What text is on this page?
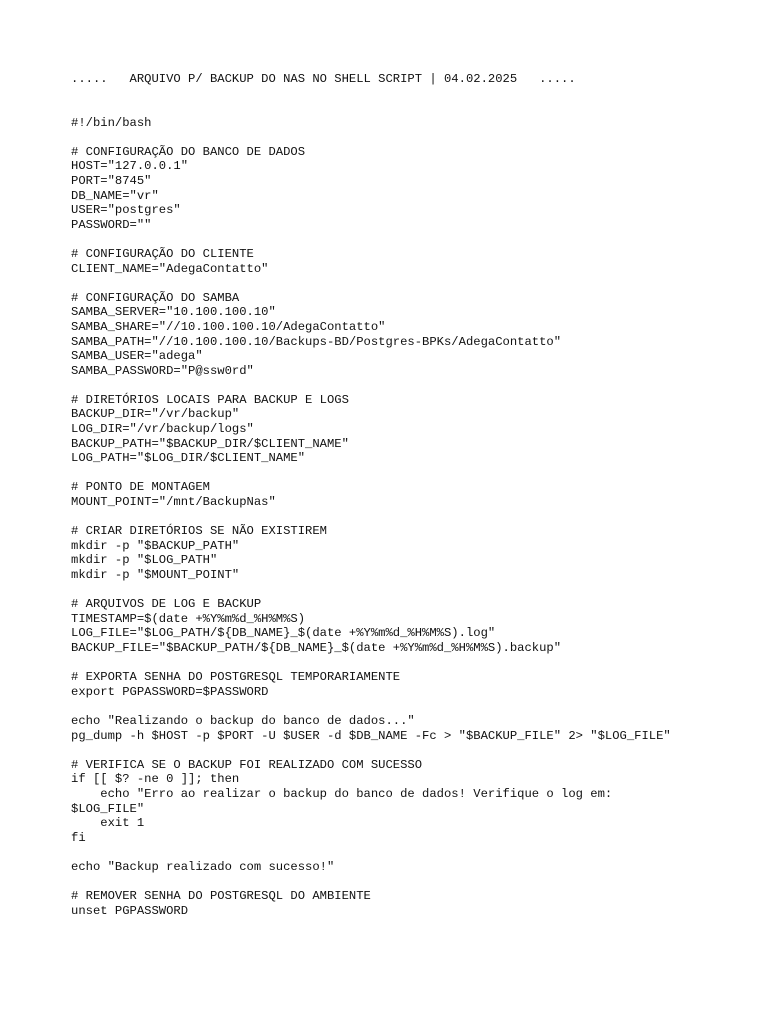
.....   ARQUIVO P/ BACKUP DO NAS NO SHELL SCRIPT | 04.02.2025   .....
#!/bin/bash
# CONFIGURAÇÃO DO BANCO DE DADOS
HOST="127.0.0.1"
PORT="8745"
DB_NAME="vr"
USER="postgres"
PASSWORD=""
# CONFIGURAÇÃO DO CLIENTE
CLIENT_NAME="AdegaContatto"
# CONFIGURAÇÃO DO SAMBA
SAMBA_SERVER="10.100.100.10"
SAMBA_SHARE="//10.100.100.10/AdegaContatto"
SAMBA_PATH="//10.100.100.10/Backups-BD/Postgres-BPKs/AdegaContatto"
SAMBA_USER="adega"
SAMBA_PASSWORD="P@ssw0rd"
# DIRETÓRIOS LOCAIS PARA BACKUP E LOGS
BACKUP_DIR="/vr/backup"
LOG_DIR="/vr/backup/logs"
BACKUP_PATH="$BACKUP_DIR/$CLIENT_NAME"
LOG_PATH="$LOG_DIR/$CLIENT_NAME"
# PONTO DE MONTAGEM
MOUNT_POINT="/mnt/BackupNas"
# CRIAR DIRETÓRIOS SE NÃO EXISTIREM
mkdir -p "$BACKUP_PATH"
mkdir -p "$LOG_PATH"
mkdir -p "$MOUNT_POINT"
# ARQUIVOS DE LOG E BACKUP
TIMESTAMP=$(date +%Y%m%d_%H%M%S)
LOG_FILE="$LOG_PATH/${DB_NAME}_$(date +%Y%m%d_%H%M%S).log"
BACKUP_FILE="$BACKUP_PATH/${DB_NAME}_$(date +%Y%m%d_%H%M%S).backup"
# EXPORTA SENHA DO POSTGRESQL TEMPORARIAMENTE
export PGPASSWORD=$PASSWORD
echo "Realizando o backup do banco de dados..."
pg_dump -h $HOST -p $PORT -U $USER -d $DB_NAME -Fc > "$BACKUP_FILE" 2> "$LOG_FILE"
# VERIFICA SE O BACKUP FOI REALIZADO COM SUCESSO
if [[ $? -ne 0 ]]; then
echo "Erro ao realizar o backup do banco de dados! Verifique o log em:
$LOG_FILE"
exit 1
fi
echo "Backup realizado com sucesso!"
# REMOVER SENHA DO POSTGRESQL DO AMBIENTE
unset PGPASSWORD
